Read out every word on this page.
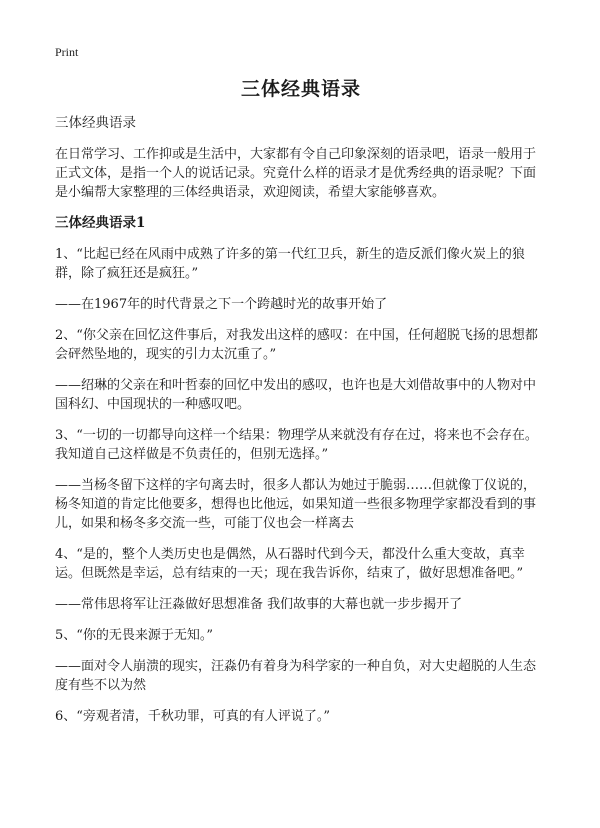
Print
三体经典语录
三体经典语录
在日常学习、工作抑或是生活中，大家都有令自己印象深刻的语录吧，语录一般用于正式文体，是指一个人的说话记录。究竟什么样的语录才是优秀经典的语录呢？下面是小编帮大家整理的三体经典语录，欢迎阅读，希望大家能够喜欢。
三体经典语录1
1、“比起已经在风雨中成熟了许多的第一代红卫兵，新生的造反派们像火炭上的狼群，除了疯狂还是疯狂。”
——在1967年的时代背景之下一个跨越时光的故事开始了
2、“你父亲在回忆这件事后，对我发出这样的感叹：在中国，任何超脱飞扬的思想都会砰然坠地的，现实的引力太沉重了。”
——绍琳的父亲在和叶哲泰的回忆中发出的感叹，也许也是大刘借故事中的人物对中国科幻、中国现状的一种感叹吧。
3、“一切的一切都导向这样一个结果：物理学从来就没有存在过，将来也不会存在。我知道自己这样做是不负责任的，但别无选择。”
——当杨冬留下这样的字句离去时，很多人都认为她过于脆弱……但就像丁仪说的，杨冬知道的肯定比他要多，想得也比他远，如果知道一些很多物理学家都没看到的事儿，如果和杨冬多交流一些，可能丁仪也会一样离去
4、“是的，整个人类历史也是偶然，从石器时代到今天，都没什么重大变故，真幸运。但既然是幸运，总有结束的一天；现在我告诉你，结束了，做好思想准备吧。”
——常伟思将军让汪淼做好思想准备 我们故事的大幕也就一步步揭开了
5、“你的无畏来源于无知。”
——面对令人崩溃的现实，汪淼仍有着身为科学家的一种自负，对大史超脱的人生态度有些不以为然
6、“旁观者清，千秋功罪，可真的有人评说了。”
